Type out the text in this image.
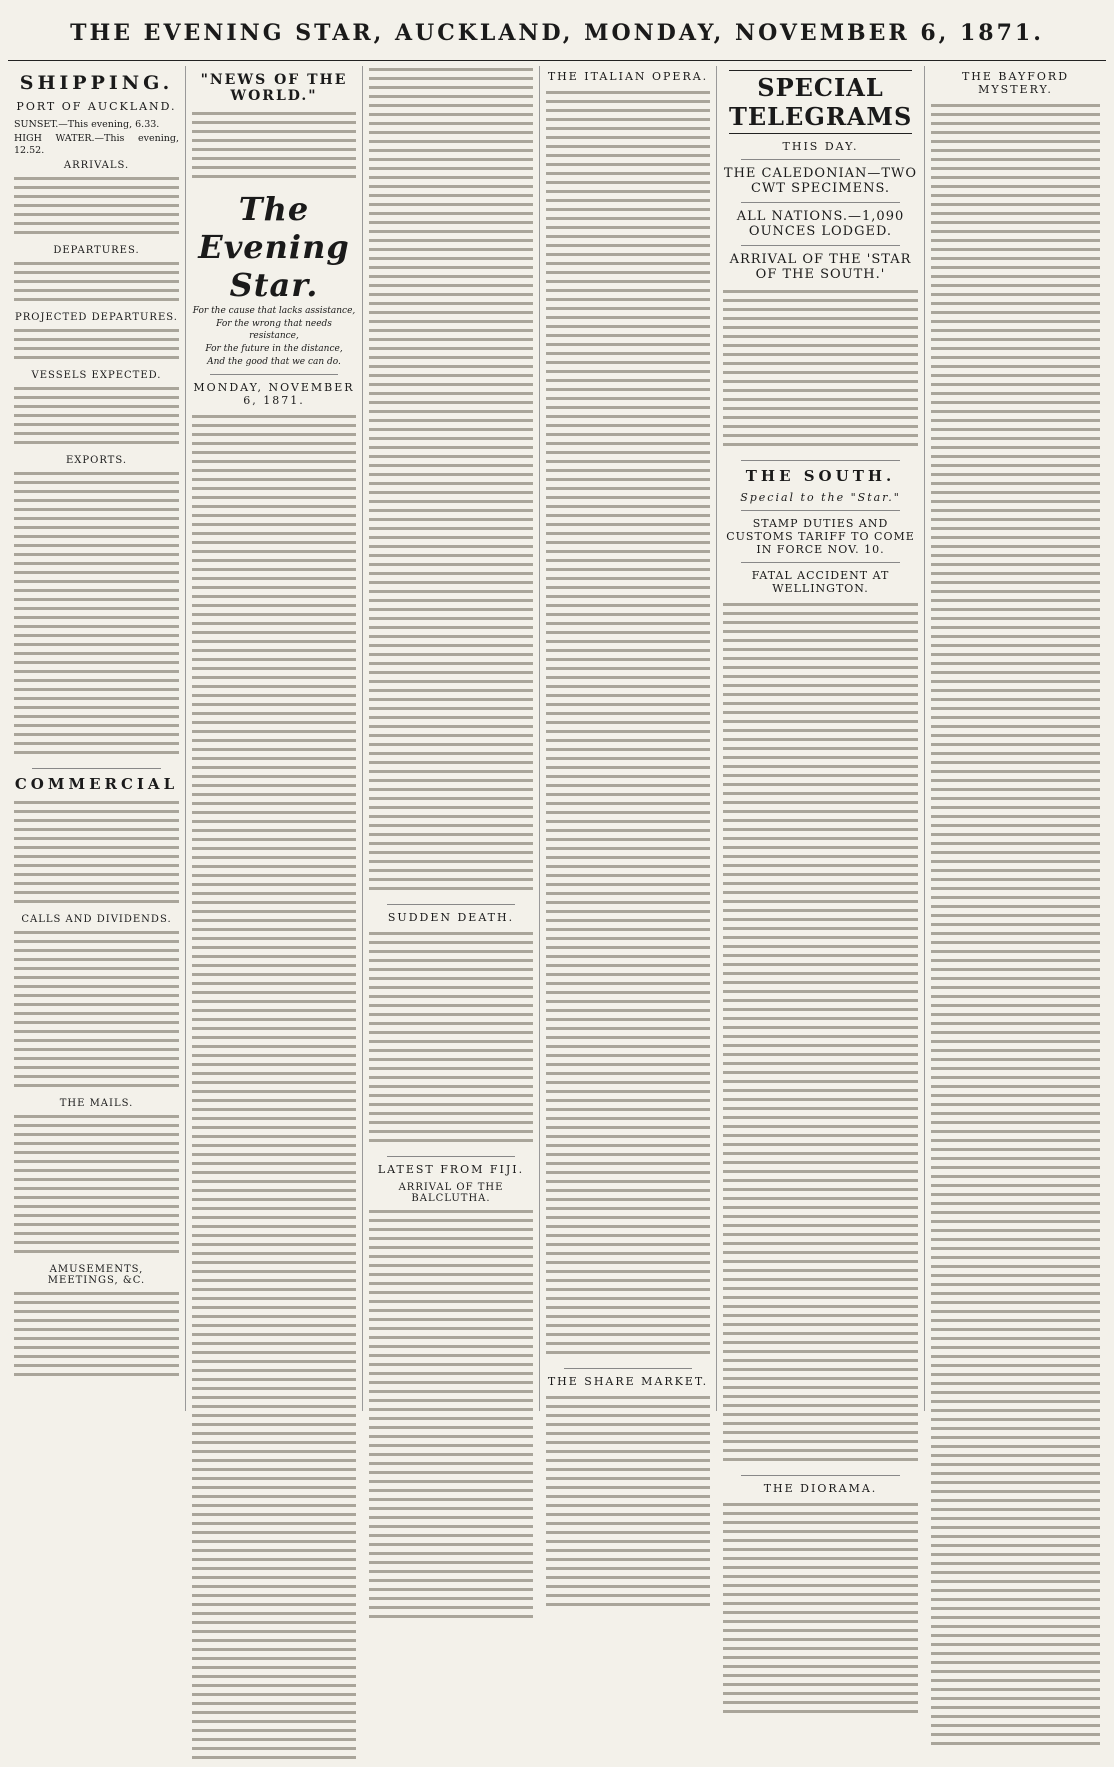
THE EVENING STAR, AUCKLAND, MONDAY, NOVEMBER 6, 1871.
SHIPPING.
PORT OF AUCKLAND.
SUNSET.—This evening, 6.33.
HIGH WATER.—This evening, 12.52.
ARRIVALS.
DEPARTURES.
PROJECTED DEPARTURES.
VESSELS EXPECTED.
EXPORTS.
COMMERCIAL
CALLS AND DIVIDENDS.
THE MAILS.
AMUSEMENTS, MEETINGS, &C.
"NEWS OF THE WORLD."
The Evening Star.
For the cause that lacks assistance,
For the wrong that needs resistance,
For the future in the distance,
And the good that we can do.
MONDAY, NOVEMBER 6, 1871.
SUDDEN DEATH.
LATEST FROM FIJI.
ARRIVAL OF THE BALCLUTHA.
THE ITALIAN OPERA.
THE SHARE MARKET.
SPECIAL TELEGRAMS
THIS DAY.
THE CALEDONIAN—TWO CWT SPECIMENS.
ALL NATIONS.—1,090 OUNCES LODGED.
ARRIVAL OF THE 'STAR OF THE SOUTH.'
THE SOUTH.
Special to the "Star."
STAMP DUTIES AND CUSTOMS TARIFF TO COME IN FORCE NOV. 10.
FATAL ACCIDENT AT WELLINGTON.
THE DIORAMA.
THE BAYFORD MYSTERY.
